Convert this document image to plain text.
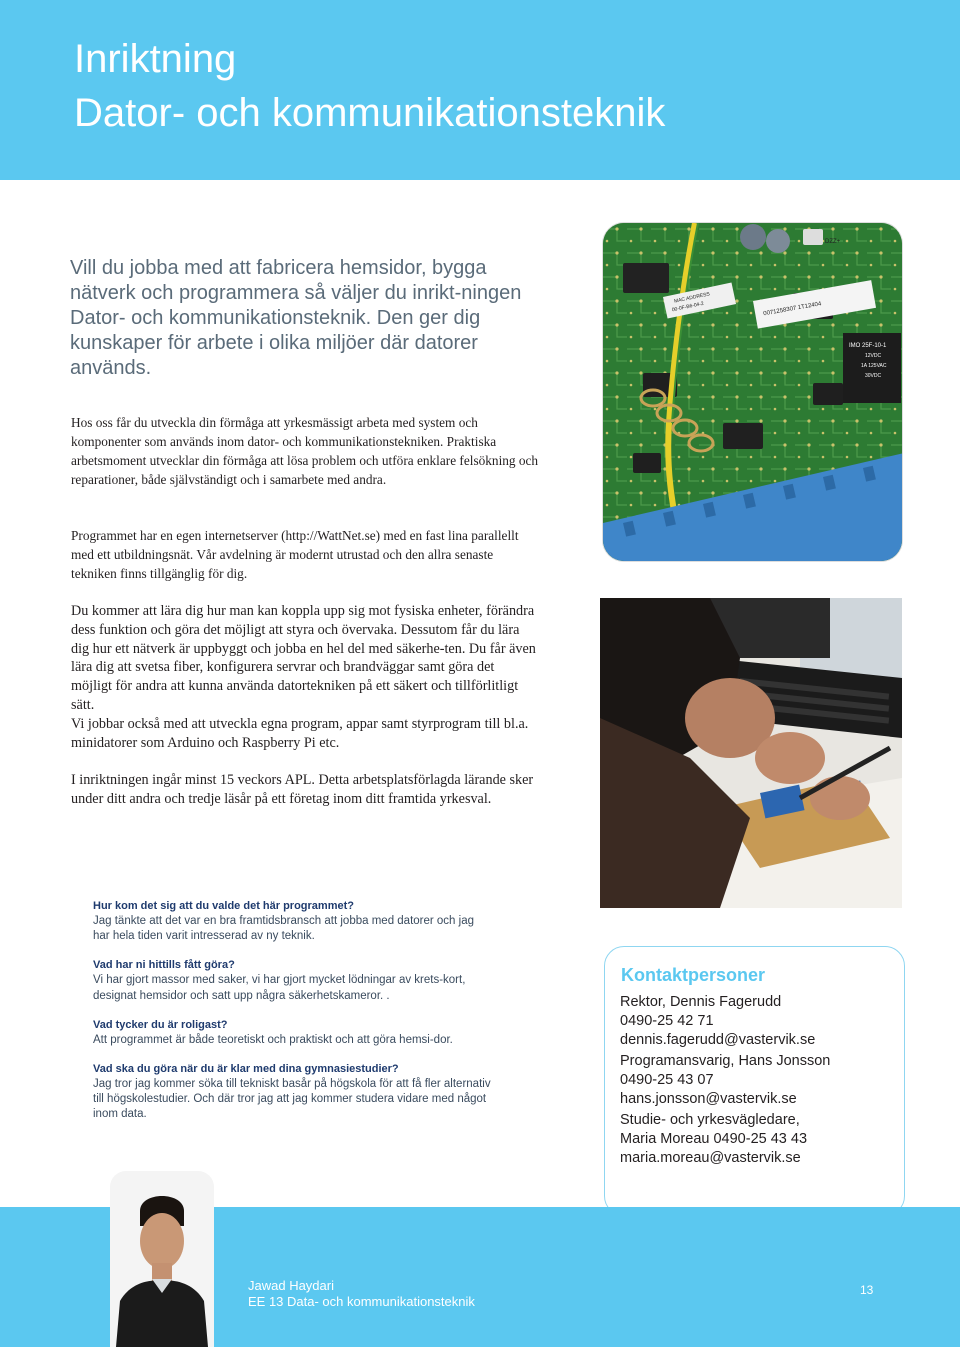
Inriktning
Dator- och kommunikationsteknik
Vill du jobba med att fabricera hemsidor, bygga nätverk och programmera så väljer du inrikt-ningen Dator- och kommunikationsteknik. Den ger dig kunskaper för arbete i olika miljöer där datorer används.
Hos oss får du utveckla din förmåga att yrkesmässigt arbeta med system och komponenter som används inom dator- och kommunikationstekniken. Praktiska arbetsmoment utvecklar din förmåga att lösa problem och utföra enklare felsökning och reparationer, både självständigt och i samarbete med andra.
Programmet har en egen internetserver (http://WattNet.se) med en fast lina parallellt med ett utbildningsnät. Vår avdelning är modernt utrustad och den allra senaste tekniken finns tillgänglig för dig.
Du kommer att lära dig hur man kan koppla upp sig mot fysiska enheter, förändra dess funktion och göra det möjligt att styra och övervaka. Dessutom får du lära dig hur ett nätverk är uppbyggt och jobba en hel del med säkerhe-ten. Du får även lära dig att svetsa fiber, konfigurera servrar och brandväggar samt göra det möjligt för andra att kunna använda datortekniken på ett säkert och tillförlitligt sätt.
Vi jobbar också med att utveckla egna program, appar samt styrprogram till bl.a. minidatorer som Arduino och Raspberry Pi etc.
I inriktningen ingår minst 15 veckors APL. Detta arbetsplatsförlagda lärande sker under ditt andra och tredje läsår på ett företag inom ditt framtida yrkesval.
0071258307 1T12404
MAC ADDRESS
00-0F-B6-04-2
IMO 25F-10-1
12VDC
1A 125VAC
30VDC
DZZ+
Hur kom det sig att du valde det här programmet?
Jag tänkte att det var en bra framtidsbransch att jobba med datorer och jag har hela tiden varit intresserad av ny teknik.
Vad har ni hittills fått göra?
Vi har gjort massor med saker, vi har gjort mycket lödningar av krets-kort, designat hemsidor och satt upp några säkerhetskameror. .
Vad tycker du är roligast?
Att programmet är både teoretiskt och praktiskt och att göra hemsi-dor.
Vad ska du göra när du är klar med dina gymnasiestudier?
Jag tror jag kommer söka till tekniskt basår på högskola för att få fler alternativ till högskolestudier. Och där tror jag att jag kommer studera vidare med något inom data.
Kontaktpersoner
Rektor, Dennis Fagerudd
0490-25 42 71
dennis.fagerudd@vastervik.se
Programansvarig, Hans Jonsson
0490-25 43 07
hans.jonsson@vastervik.se
Studie- och yrkesvägledare,
Maria Moreau 0490-25 43 43
maria.moreau@vastervik.se
Jawad Haydari
EE 13 Data- och kommunikationsteknik
13
